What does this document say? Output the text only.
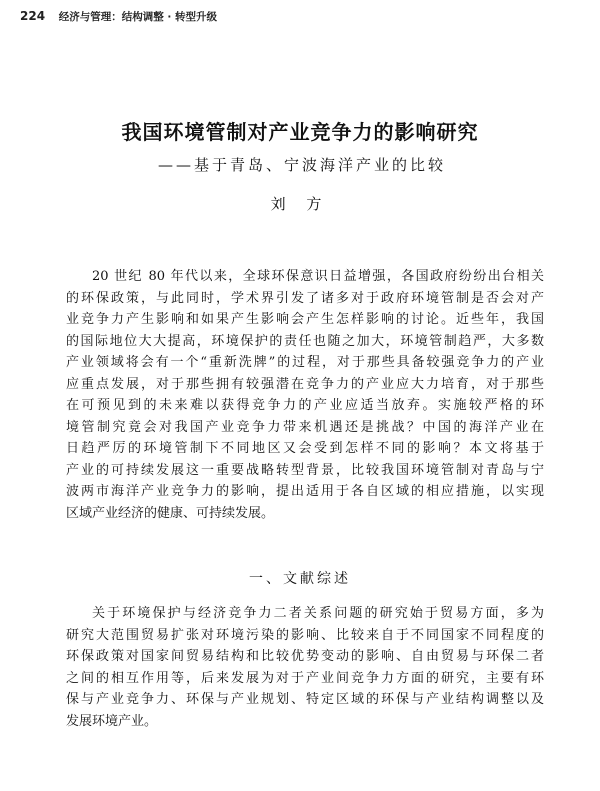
224 经济与管理：结构调整 · 转型升级
我国环境管制对产业竞争力的影响研究
——基于青岛、宁波海洋产业的比较
刘 方
20 世纪 80 年代以来，全球环保意识日益增强，各国政府纷纷出台相关
的环保政策，与此同时，学术界引发了诸多对于政府环境管制是否会对产
业竞争力产生影响和如果产生影响会产生怎样影响的讨论。近些年，我国
的国际地位大大提高，环境保护的责任也随之加大，环境管制趋严，大多数
产业领域将会有一个“重新洗牌”的过程，对于那些具备较强竞争力的产业
应重点发展，对于那些拥有较强潜在竞争力的产业应大力培育，对于那些
在可预见到的未来难以获得竞争力的产业应适当放弃。实施较严格的环
境管制究竟会对我国产业竞争力带来机遇还是挑战？中国的海洋产业在
日趋严厉的环境管制下不同地区又会受到怎样不同的影响？本文将基于
产业的可持续发展这一重要战略转型背景，比较我国环境管制对青岛与宁
波两市海洋产业竞争力的影响，提出适用于各自区域的相应措施，以实现
区域产业经济的健康、可持续发展。
一、文献综述
关于环境保护与经济竞争力二者关系问题的研究始于贸易方面，多为
研究大范围贸易扩张对环境污染的影响、比较来自于不同国家不同程度的
环保政策对国家间贸易结构和比较优势变动的影响、自由贸易与环保二者
之间的相互作用等，后来发展为对于产业间竞争力方面的研究，主要有环
保与产业竞争力、环保与产业规划、特定区域的环保与产业结构调整以及
发展环境产业。
